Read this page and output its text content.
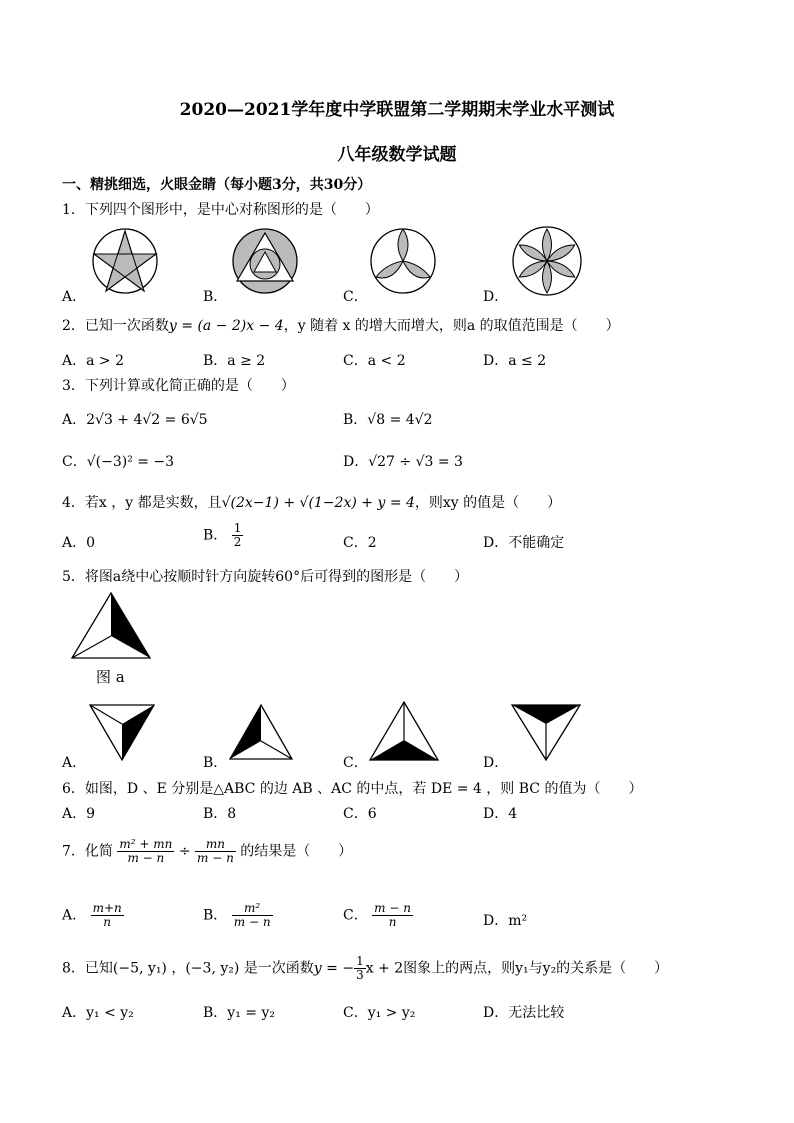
2020—2021学年度中学联盟第二学期期末学业水平测试
八年级数学试题
一、精挑细选，火眼金睛（每小题3分，共30分）
1．下列四个图形中，是中心对称图形的是（　　）
A．	B．	C．	D．
2．已知一次函数y = (a − 2)x − 4，y 随着 x 的增大而增大，则a 的取值范围是（　　）
A．a > 2	B．a ≥ 2	C．a < 2	D．a ≤ 2
3．下列计算或化简正确的是（　　）
A．2√3 + 4√2 = 6√5	B．√8 = 4√2
C．√(−3)² = −3	D．√27 ÷ √3 = 3
4．若x ，y 都是实数，且√(2x−1) + √(1−2x) + y = 4，则xy 的值是（　　）
A．0	B． $\frac{1}{2}$	C．2	D．不能确定
5．将图a绕中心按顺时针方向旋转60°后可得到的图形是（　　）
图 a
A．	B．	C．	D．
6．如图，D 、E 分别是△ABC 的边 AB 、AC 的中点，若 DE = 4 ，则 BC 的值为（　　）
A．9	B．8	C．6	D．4
7．化简 $\frac{\text{m² + mn}}{m - n} \div \frac{mn}{m - n}$ 的结果是（　　）
A． $\frac{m+n}{n}$	B． $\frac{\text{m²}}{m - n}$	C． $\frac{m - n}{n}$	D．m²
8．已知(−5, y₁) ，(−3, y₂) 是一次函数y = − $\frac{1}{3}$ x + 2图象上的两点，则y₁与y₂的关系是（　　）
A．y₁ < y₂	B．y₁ = y₂	C．y₁ > y₂	D．无法比较
